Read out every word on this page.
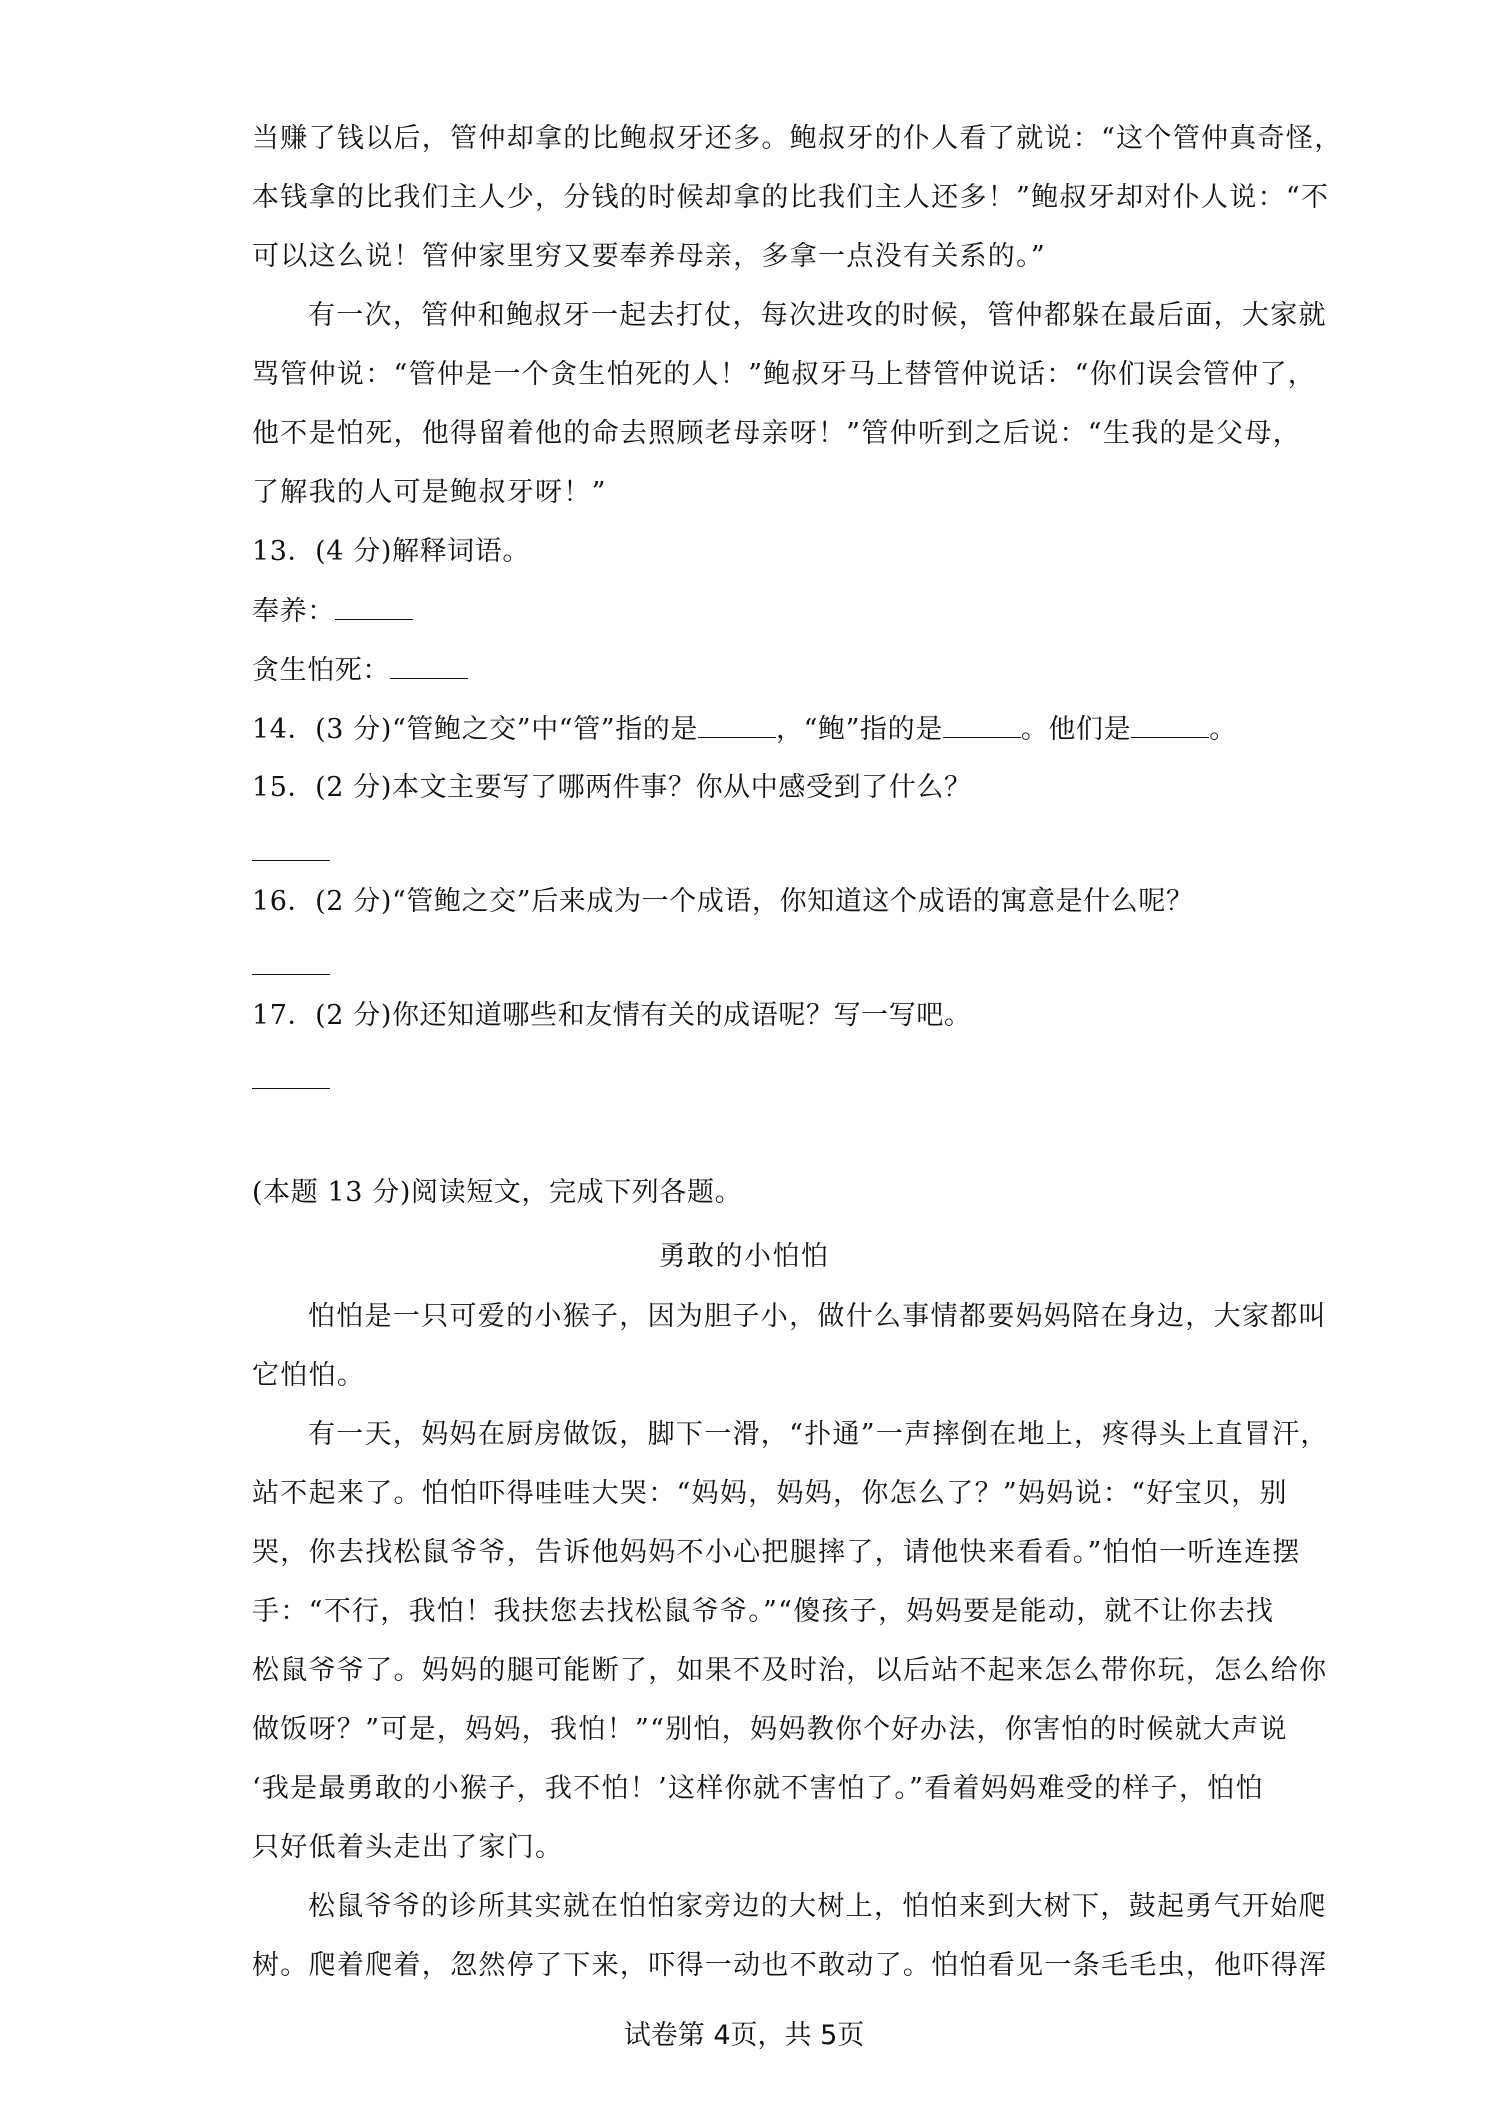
当赚了钱以后，管仲却拿的比鲍叔牙还多。鲍叔牙的仆人看了就说：“这个管仲真奇怪，
本钱拿的比我们主人少，分钱的时候却拿的比我们主人还多！”鲍叔牙却对仆人说：“不
可以这么说！管仲家里穷又要奉养母亲，多拿一点没有关系的。”
有一次，管仲和鲍叔牙一起去打仗，每次进攻的时候，管仲都躲在最后面，大家就
骂管仲说：“管仲是一个贪生怕死的人！”鲍叔牙马上替管仲说话：“你们误会管仲了，
他不是怕死，他得留着他的命去照顾老母亲呀！”管仲听到之后说：“生我的是父母，
了解我的人可是鲍叔牙呀！”
13．(4 分)解释词语。
奉养：
贪生怕死：
14．(3 分)“管鲍之交”中“管”指的是	，“鲍”指的是	。他们是	。
15．(2 分)本文主要写了哪两件事？你从中感受到了什么？
16．(2 分)“管鲍之交”后来成为一个成语，你知道这个成语的寓意是什么呢？
17．(2 分)你还知道哪些和友情有关的成语呢？写一写吧。
(本题 13 分)阅读短文，完成下列各题。
勇敢的小怕怕
怕怕是一只可爱的小猴子，因为胆子小，做什么事情都要妈妈陪在身边，大家都叫
它怕怕。
有一天，妈妈在厨房做饭，脚下一滑，“扑通”一声摔倒在地上，疼得头上直冒汗，
站不起来了。怕怕吓得哇哇大哭：“妈妈，妈妈，你怎么了？”妈妈说：“好宝贝，别
哭，你去找松鼠爷爷，告诉他妈妈不小心把腿摔了，请他快来看看。”怕怕一听连连摆
手：“不行，我怕！我扶您去找松鼠爷爷。”“傻孩子，妈妈要是能动，就不让你去找
松鼠爷爷了。妈妈的腿可能断了，如果不及时治，以后站不起来怎么带你玩，怎么给你
做饭呀？”可是，妈妈，我怕！”“别怕，妈妈教你个好办法，你害怕的时候就大声说
‘我是最勇敢的小猴子，我不怕！’这样你就不害怕了。”看着妈妈难受的样子，怕怕
只好低着头走出了家门。
松鼠爷爷的诊所其实就在怕怕家旁边的大树上，怕怕来到大树下，鼓起勇气开始爬
树。爬着爬着，忽然停了下来，吓得一动也不敢动了。怕怕看见一条毛毛虫，他吓得浑
试卷第 4页，共 5页
